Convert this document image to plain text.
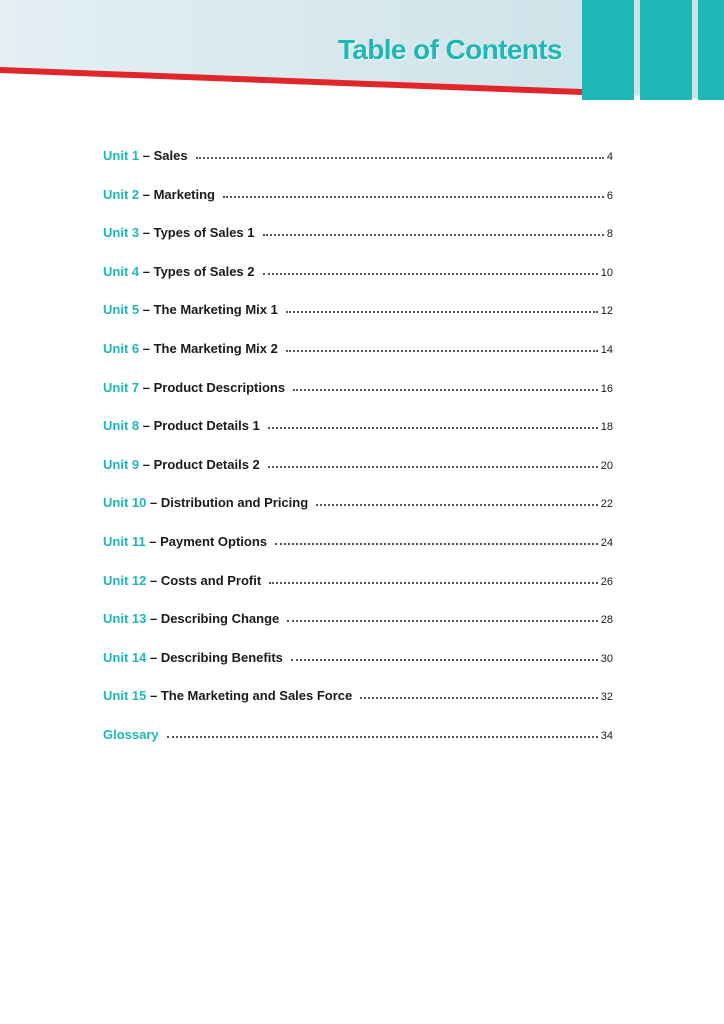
Table of Contents
Unit 1 – Sales	4
Unit 2 – Marketing	6
Unit 3 – Types of Sales 1	8
Unit 4 – Types of Sales 2	10
Unit 5 – The Marketing Mix 1	12
Unit 6 – The Marketing Mix 2	14
Unit 7 – Product Descriptions	16
Unit 8 – Product Details 1	18
Unit 9 – Product Details 2	20
Unit 10 – Distribution and Pricing	22
Unit 11 – Payment Options	24
Unit 12 – Costs and Profit	26
Unit 13 – Describing Change	28
Unit 14 – Describing Benefits	30
Unit 15 – The Marketing and Sales Force	32
Glossary	34
